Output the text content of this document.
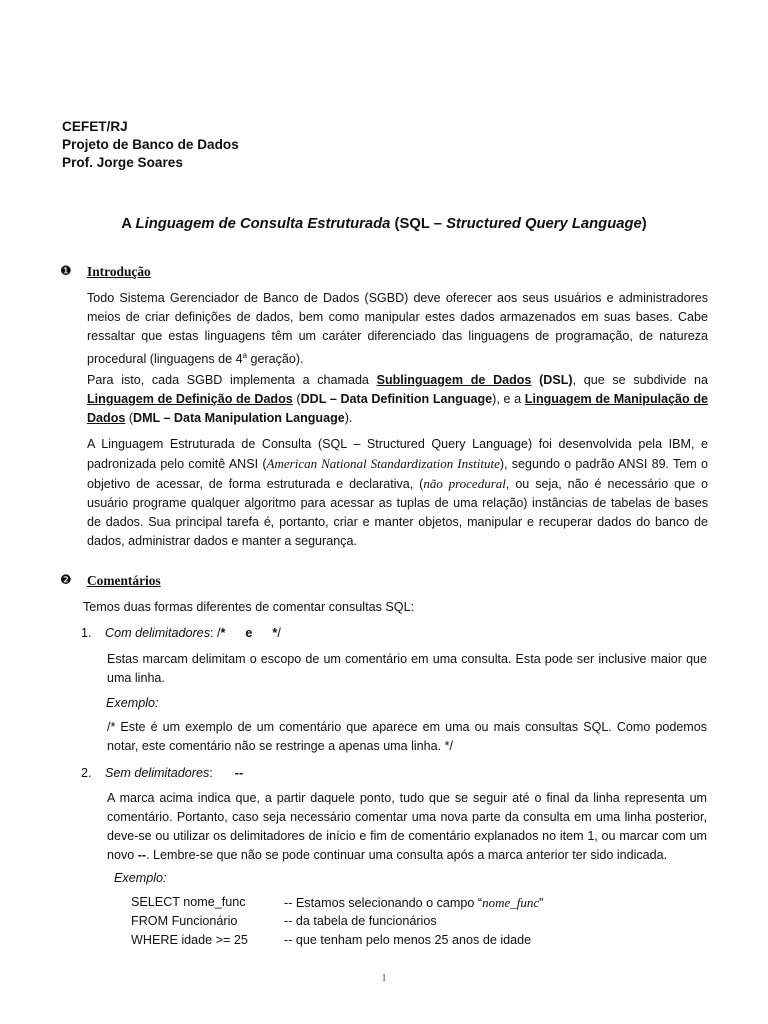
CEFET/RJ
Projeto de Banco de Dados
Prof. Jorge Soares
A Linguagem de Consulta Estruturada (SQL – Structured Query Language)
❶ Introdução
Todo Sistema Gerenciador de Banco de Dados (SGBD) deve oferecer aos seus usuários e administradores meios de criar definições de dados, bem como manipular estes dados armazenados em suas bases. Cabe ressaltar que estas linguagens têm um caráter diferenciado das linguagens de programação, de natureza procedural (linguagens de 4$^a$ geração).
Para isto, cada SGBD implementa a chamada Sublinguagem de Dados (DSL), que se subdivide na Linguagem de Definição de Dados (DDL – Data Definition Language), e a Linguagem de Manipulação de Dados (DML – Data Manipulation Language).
A Linguagem Estruturada de Consulta (SQL – Structured Query Language) foi desenvolvida pela IBM, e padronizada pelo comitê ANSI (American National Standardization Institute), segundo o padrão ANSI 89. Tem o objetivo de acessar, de forma estruturada e declarativa, (não procedural, ou seja, não é necessário que o usuário programe qualquer algoritmo para acessar as tuplas de uma relação) instâncias de tabelas de bases de dados. Sua principal tarefa é, portanto, criar e manter objetos, manipular e recuperar dados do banco de dados, administrar dados e manter a segurança.
❷ Comentários
Temos duas formas diferentes de comentar consultas SQL:
1. Com delimitadores: /* e */
Estas marcam delimitam o escopo de um comentário em uma consulta. Esta pode ser inclusive maior que uma linha.
Exemplo:
/* Este é um exemplo de um comentário que aparece em uma ou mais consultas SQL. Como podemos notar, este comentário não se restringe a apenas uma linha. */
2. Sem delimitadores: --
A marca acima indica que, a partir daquele ponto, tudo que se seguir até o final da linha representa um comentário. Portanto, caso seja necessário comentar uma nova parte da consulta em uma linha posterior, deve-se ou utilizar os delimitadores de início e fim de comentário explanados no item 1, ou marcar com um novo --. Lembre-se que não se pode continuar uma consulta após a marca anterior ter sido indicada.
Exemplo:
SELECT nome_func	-- Estamos selecionando o campo “nome_func”
FROM Funcionário	-- da tabela de funcionários
WHERE idade >= 25	-- que tenham pelo menos 25 anos de idade
1
